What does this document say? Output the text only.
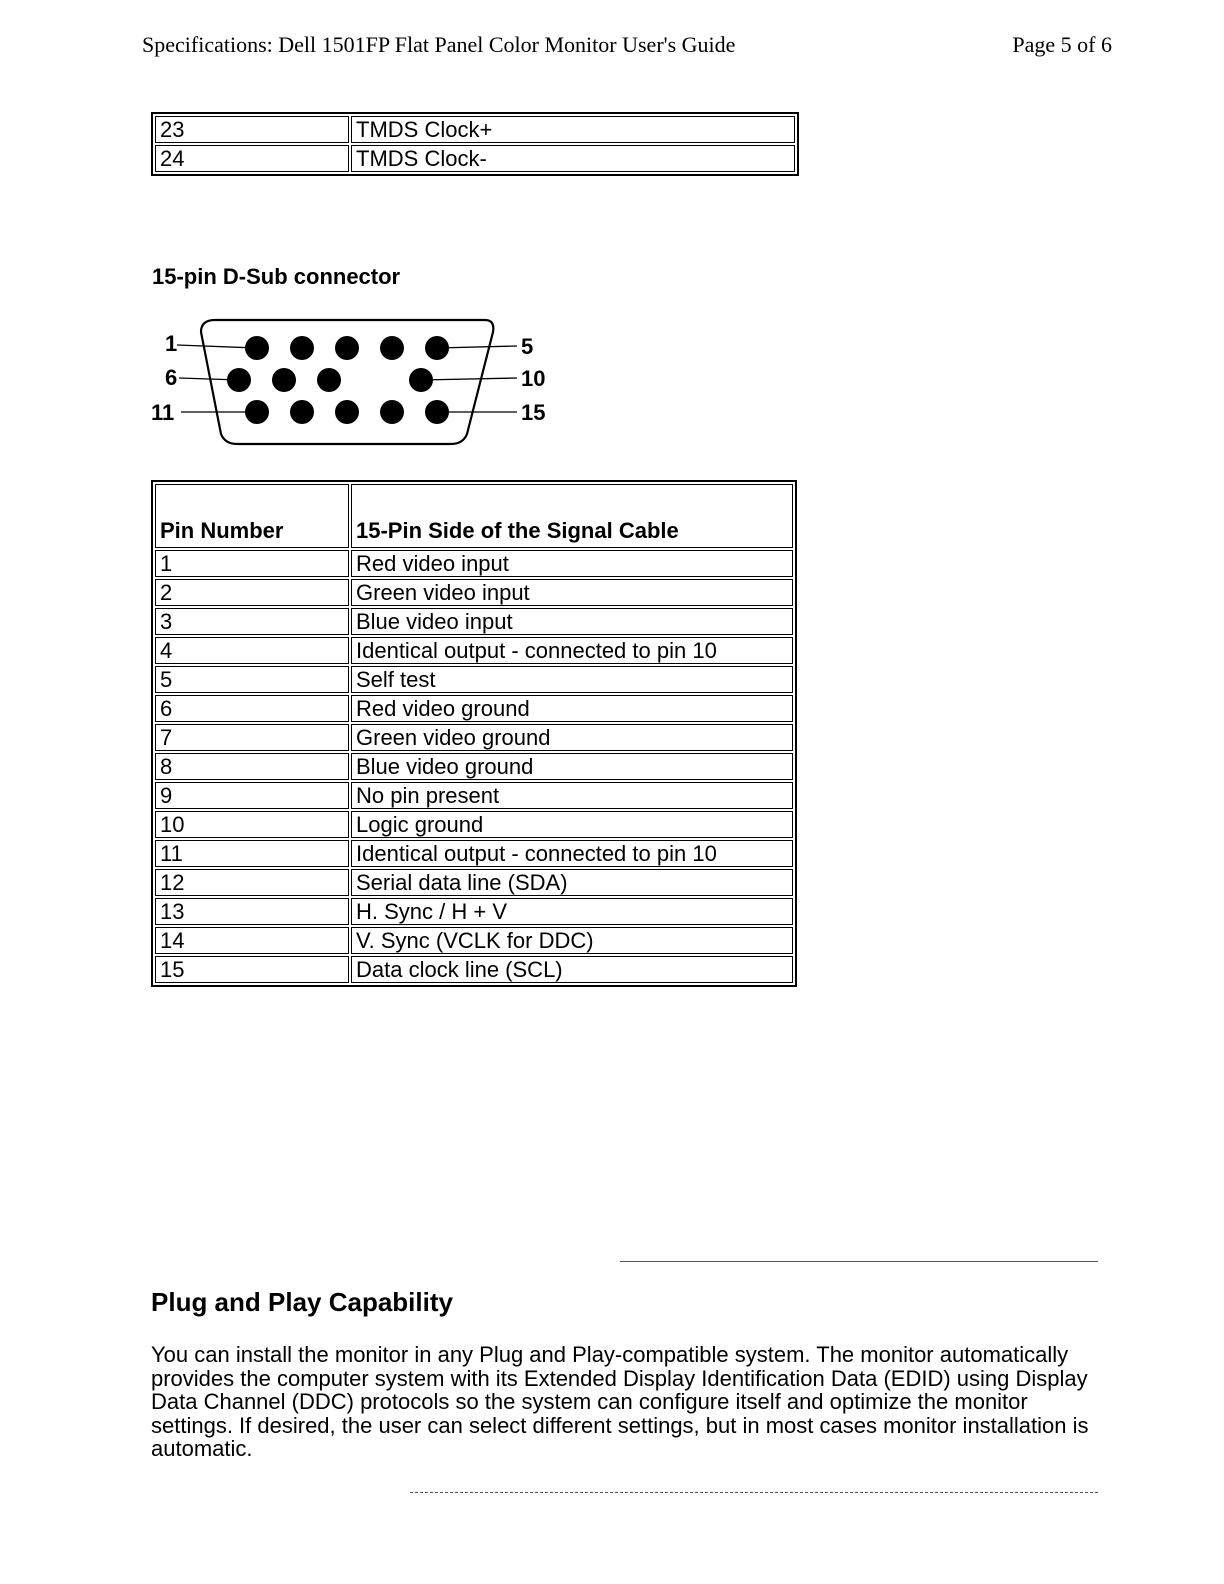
Specifications: Dell 1501FP Flat Panel Color Monitor User's Guide	Page 5 of 6
23	TMDS Clock+
24	TMDS Clock-
15-pin D-Sub connector
1
6
11
5
10
15
Pin Number	15-Pin Side of the Signal Cable
1	Red video input
2	Green video input
3	Blue video input
4	Identical output - connected to pin 10
5	Self test
6	Red video ground
7	Green video ground
8	Blue video ground
9	No pin present
10	Logic ground
11	Identical output - connected to pin 10
12	Serial data line (SDA)
13	H. Sync / H + V
14	V. Sync (VCLK for DDC)
15	Data clock line (SCL)
Plug and Play Capability

You can install the monitor in any Plug and Play-compatible system. The monitor automatically provides the computer system with its Extended Display Identification Data (EDID) using Display Data Channel (DDC) protocols so the system can configure itself and optimize the monitor settings. If desired, the user can select different settings, but in most cases monitor installation is automatic.
